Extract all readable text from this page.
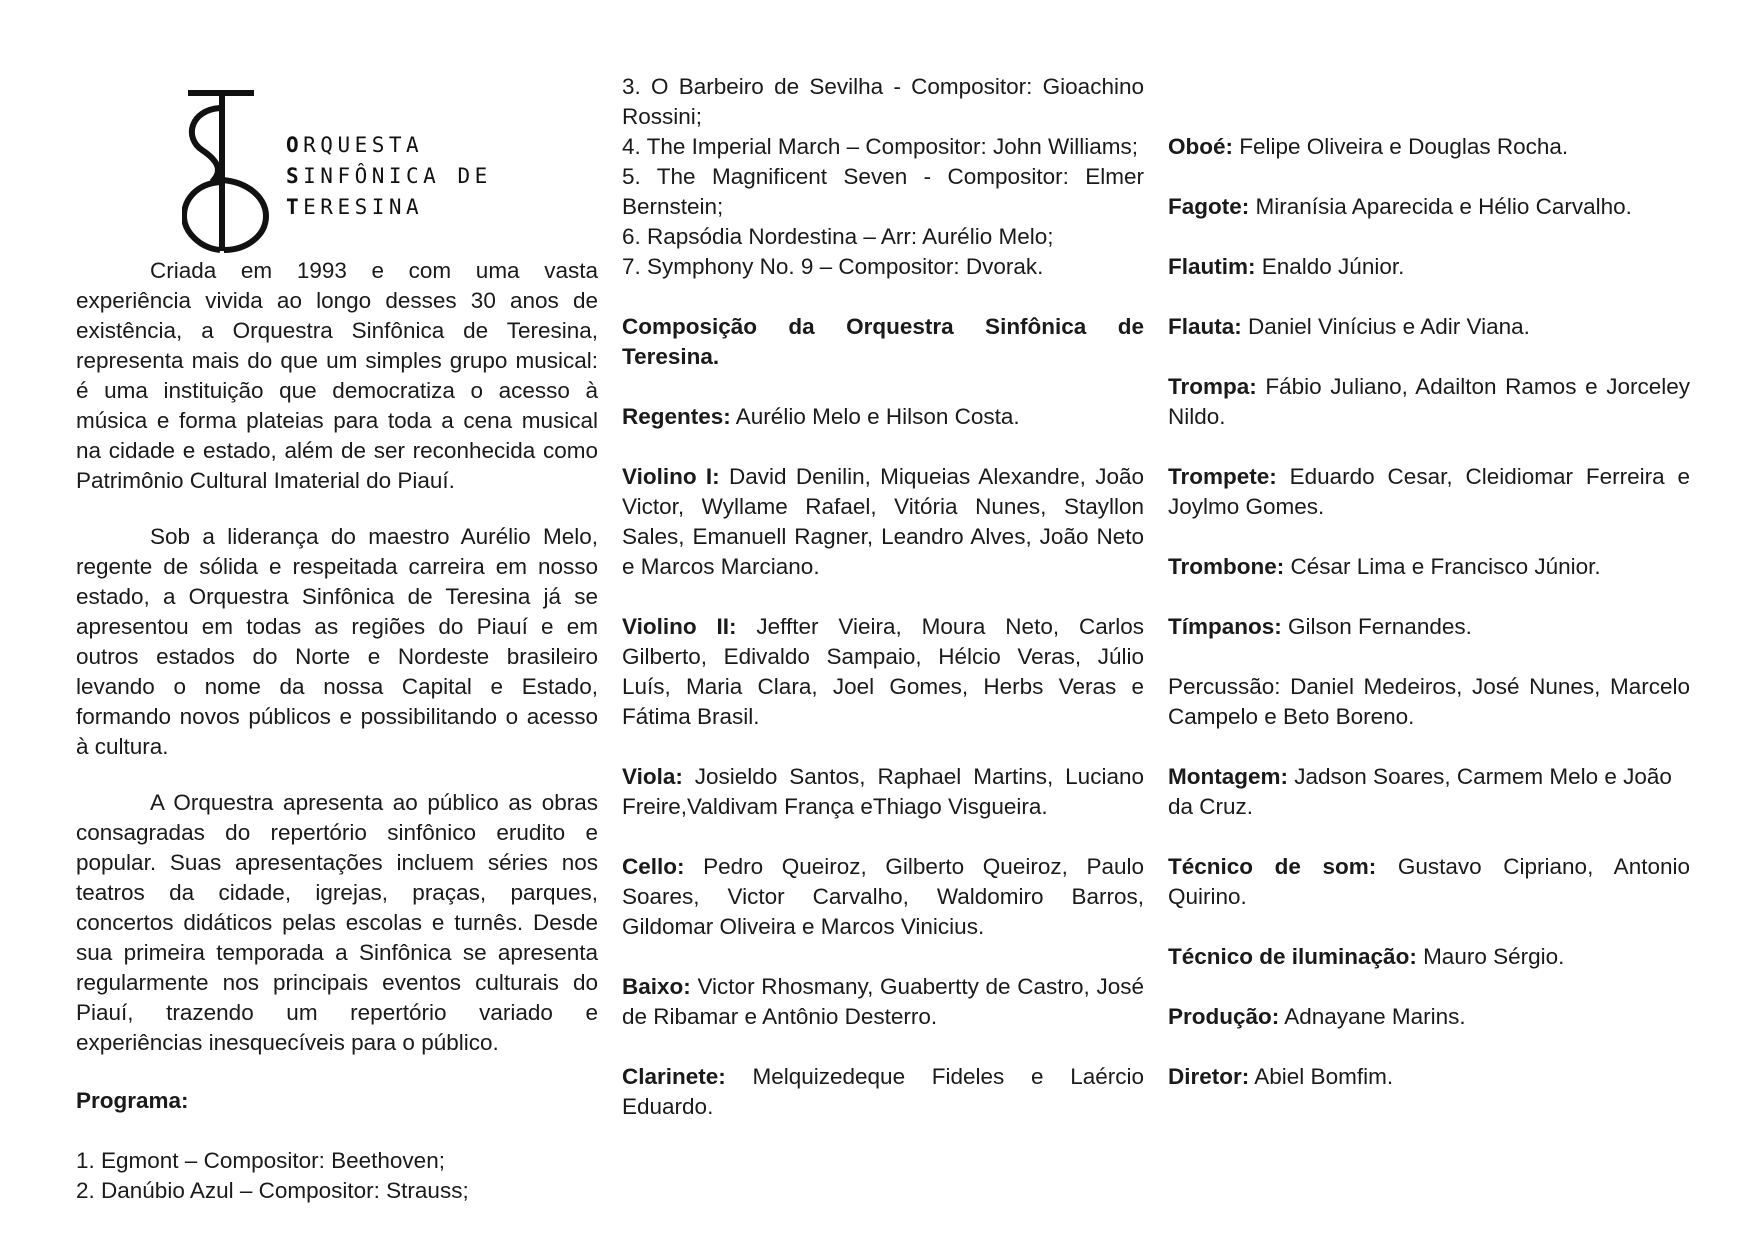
ORQUESTA
SINFÔNICA DE
TERESINA

Criada em 1993 e com uma vasta experiência vivida ao longo desses 30 anos de existência, a Orquestra Sinfônica de Teresina, representa mais do que um simples grupo musical: é uma instituição que democratiza o acesso à música e forma plateias para toda a cena musical na cidade e estado, além de ser reconhecida como Patrimônio Cultural Imaterial do Piauí.

Sob a liderança do maestro Aurélio Melo, regente de sólida e respeitada carreira em nosso estado, a Orquestra Sinfônica de Teresina já se apresentou em todas as regiões do Piauí e em outros estados do Norte e Nordeste brasileiro levando o nome da nossa Capital e Estado, formando novos públicos e possibilitando o acesso à cultura.

A Orquestra apresenta ao público as obras consagradas do repertório sinfônico erudito e popular. Suas apresentações incluem séries nos teatros da cidade, igrejas, praças, parques, concertos didáticos pelas escolas e turnês. Desde sua primeira temporada a Sinfônica se apresenta regularmente nos principais eventos culturais do Piauí, trazendo um repertório variado e experiências inesquecíveis para o público.

Programa:

1. Egmont – Compositor: Beethoven;
2. Danúbio Azul – Compositor: Strauss;
3. O Barbeiro de Sevilha - Compositor: Gioachino Rossini;
4. The Imperial March – Compositor: John Williams;
5. The Magnificent Seven - Compositor: Elmer Bernstein;
6. Rapsódia Nordestina – Arr: Aurélio Melo;
7. Symphony No. 9 – Compositor: Dvorak.

Composição da Orquestra Sinfônica de Teresina.

Regentes: Aurélio Melo e Hilson Costa.

Violino I: David Denilin, Miqueias Alexandre, João Victor, Wyllame Rafael, Vitória Nunes, Stayllon Sales, Emanuell Ragner, Leandro Alves, João Neto e Marcos Marciano.

Violino II: Jeffter Vieira, Moura Neto, Carlos Gilberto, Edivaldo Sampaio, Hélcio Veras, Júlio Luís, Maria Clara, Joel Gomes, Herbs Veras e Fátima Brasil.

Viola: Josieldo Santos, Raphael Martins, Luciano Freire,Valdivam França eThiago Visgueira.

Cello: Pedro Queiroz, Gilberto Queiroz, Paulo Soares, Victor Carvalho, Waldomiro Barros, Gildomar Oliveira e Marcos Vinicius.

Baixo: Victor Rhosmany, Guabertty de Castro, José de Ribamar e Antônio Desterro.

Clarinete: Melquizedeque Fideles e Laércio Eduardo.

Oboé: Felipe Oliveira e Douglas Rocha.

Fagote: Miranísia Aparecida e Hélio Carvalho.

Flautim: Enaldo Júnior.

Flauta: Daniel Vinícius e Adir Viana.

Trompa: Fábio Juliano, Adailton Ramos e Jorceley Nildo.

Trompete: Eduardo Cesar, Cleidiomar Ferreira e Joylmo Gomes.

Trombone: César Lima e Francisco Júnior.

Tímpanos: Gilson Fernandes.

Percussão: Daniel Medeiros, José Nunes, Marcelo Campelo e Beto Boreno.

Montagem: Jadson Soares, Carmem Melo e João da Cruz.

Técnico de som: Gustavo Cipriano, Antonio Quirino.

Técnico de iluminação: Mauro Sérgio.

Produção: Adnayane Marins.

Diretor: Abiel Bomfim.
